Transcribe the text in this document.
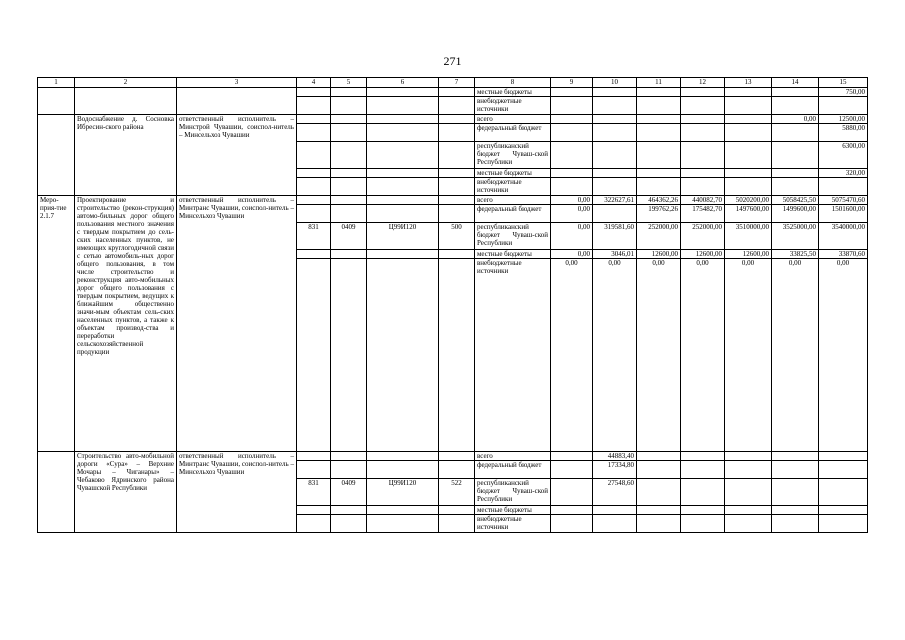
271
1	2	3	4	5	6	7	8	9	10	11	12	13	14	15
							местные бюджеты							750,00
							внебюджетные источники							
	Водоснабжение д. Сосновка Ибресин-ского района	ответственный исполнитель – Минстрой Чувашии, соиспол-нитель – Минсельхоз Чувашии					всего						0,00	12500,00
							федеральный бюджет							5880,00
							республиканский бюджет Чуваш-ской Республики							6300,00
							местные бюджеты							320,00
							внебюджетные источники							
Меро-прия-тие 2.1.7	Проектирование и строительство (рекон-струкция) автомо-бильных дорог общего пользования местного значения с твердым покрытием до сель-ских населенных пунктов, не имеющих круглогодичной связи с сетью автомобиль-ных дорог общего пользования, в том числе строительство и реконструкция авто-мобильных дорог общего пользования с твердым покрытием, ведущих к ближайшим общественно значи-мым объектам сель-ских населенных пунктов, а также к объектам производ-ства и переработки сельскохозяйственной продукции	ответственный исполнитель – Минтранс Чувашии, соиспол-нитель – Минсельхоз Чувашии					всего	0,00	322627,61	464362,26	440082,70	5020200,00	5058425,50	5075470,60
							федеральный бюджет	0,00		199762,26	175482,70	1497600,00	1499600,00	1501600,00
			831	0409	Ц99И120	500	республиканский бюджет Чуваш-ской Республики	0,00	319581,60	252000,00	252000,00	3510000,00	3525000,00	3540000,00
							местные бюджеты	0,00	3046,01	12600,00	12600,00	12600,00	33825,50	33870,60
							внебюджетные источники	0,00	0,00	0,00	0,00	0,00	0,00	0,00
	Строительство авто-мобильной дороги «Сура» – Верхние Мочары – Чиганары» – Чебаково Ядринского района Чувашской Республики	ответственный исполнитель – Минтранс Чувашии, соиспол-нитель – Минсельхоз Чувашии					всего		44883,40					
							федеральный бюджет		17334,80					
			831	0409	Ц99И120	522	республиканский бюджет Чуваш-ской Республики		27548,60					
							местные бюджеты							
							внебюджетные источники							
